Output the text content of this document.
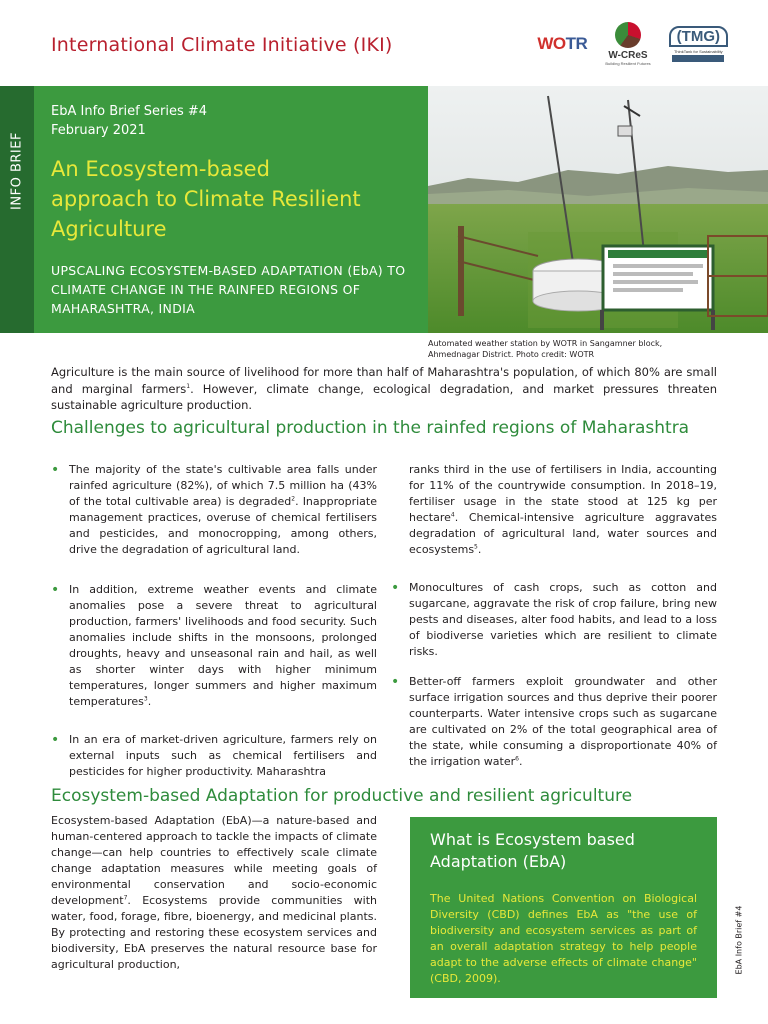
International Climate Initiative (IKI)	WOTR
W-CReS
Building Resilient Futures
(TMG)
ThinkTank for Sustainability
INFO BRIEF
EbA Info Brief Series #4
February 2021
An Ecosystem-based
approach to Climate Resilient
Agriculture
UPSCALING ECOSYSTEM-BASED ADAPTATION (EbA) TO CLIMATE CHANGE IN THE RAINFED REGIONS OF MAHARASHTRA, INDIA
Automated weather station by WOTR in Sangamner block,
Ahmednagar District. Photo credit: WOTR
Agriculture is the main source of livelihood for more than half of Maharashtra's population, of which 80% are small and marginal farmers$^1$. However, climate change, ecological degradation, and market pressures threaten sustainable agriculture production.
Challenges to agricultural production in the rainfed regions of Maharashtra
• The majority of the state's cultivable area falls under rainfed agriculture (82%), of which 7.5 million ha (43% of the total cultivable area) is degraded$^2$. Inappropriate management practices, overuse of chemical fertilisers and pesticides, and monocropping, among others, drive the degradation of agricultural land.
• In addition, extreme weather events and climate anomalies pose a severe threat to agricultural production, farmers' livelihoods and food security. Such anomalies include shifts in the monsoons, prolonged droughts, heavy and unseasonal rain and hail, as well as shorter winter days with higher minimum temperatures, longer summers and higher maximum temperatures$^3$.
• In an era of market-driven agriculture, farmers rely on external inputs such as chemical fertilisers and pesticides for higher productivity. Maharashtra
ranks third in the use of fertilisers in India, accounting for 11% of the countrywide consumption. In 2018–19, fertiliser usage in the state stood at 125 kg per hectare$^4$. Chemical-intensive agriculture aggravates degradation of agricultural land, water sources and ecosystems$^5$.
• Monocultures of cash crops, such as cotton and sugarcane, aggravate the risk of crop failure, bring new pests and diseases, alter food habits, and lead to a loss of biodiverse varieties which are resilient to climate risks.
• Better-off farmers exploit groundwater and other surface irrigation sources and thus deprive their poorer counterparts. Water intensive crops such as sugarcane are cultivated on 2% of the total geographical area of the state, while consuming a disproportionate 40% of the irrigation water$^6$.
Ecosystem-based Adaptation for productive and resilient agriculture
Ecosystem-based Adaptation (EbA)—a nature-based and human-centered approach to tackle the impacts of climate change—can help countries to effectively scale climate change adaptation measures while meeting goals of environmental conservation and socio-economic development$^7$. Ecosystems provide communities with water, food, forage, fibre, bioenergy, and medicinal plants. By protecting and restoring these ecosystem services and biodiversity, EbA preserves the natural resource base for agricultural production,
What is Ecosystem based Adaptation (EbA)
The United Nations Convention on Biological Diversity (CBD) defines EbA as "the use of biodiversity and ecosystem services as part of an overall adaptation strategy to help people adapt to the adverse effects of climate change" (CBD, 2009).
EbA Info Brief #4
